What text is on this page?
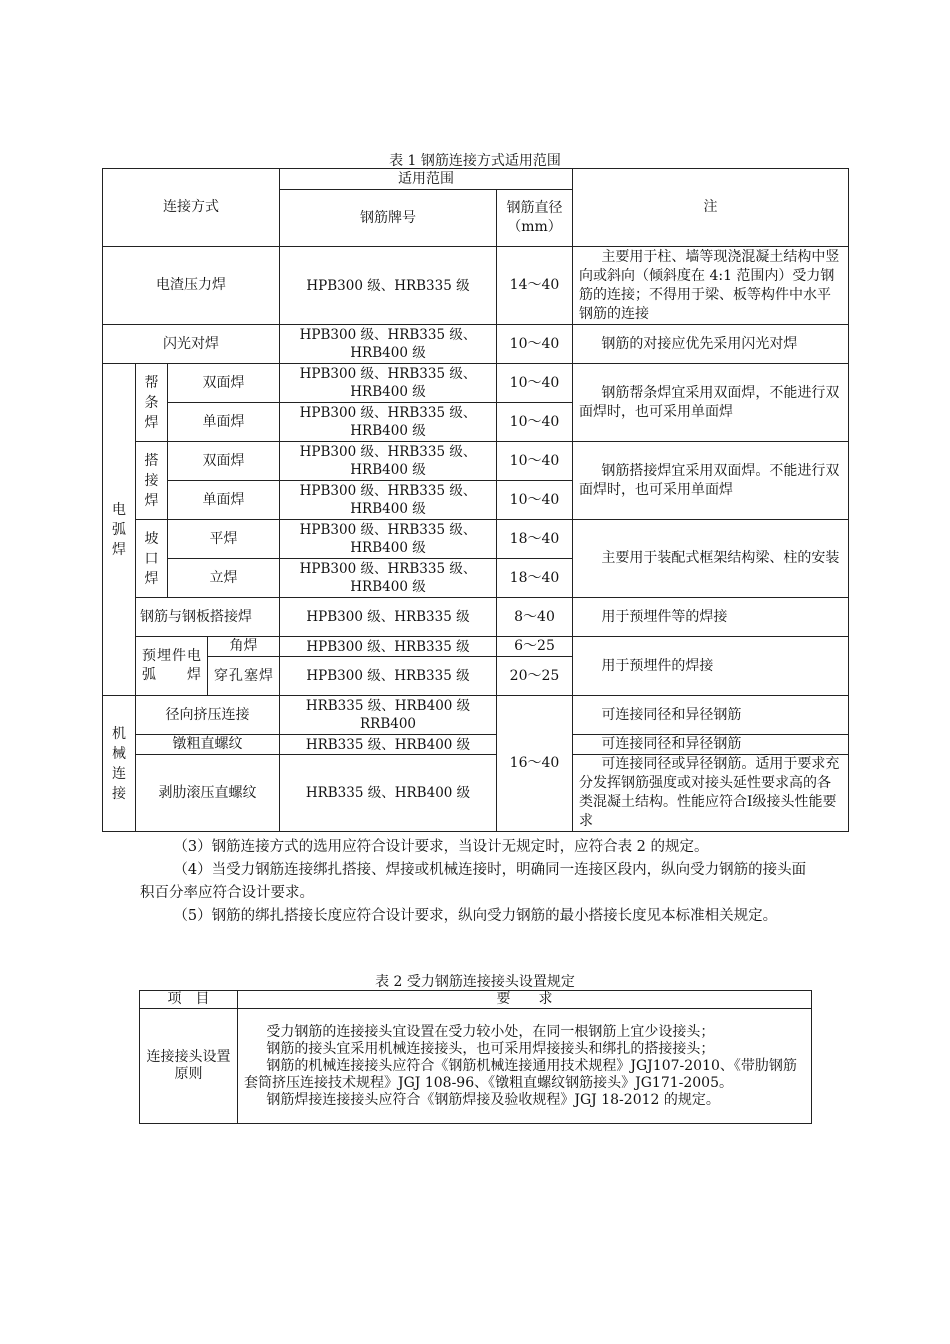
表 1 钢筋连接方式适用范围
连接方式				适用范围		注
				钢筋牌号	钢筋直径（mm）	
电渣压力焊				HPB300 级、HRB335 级	14～40	主要用于柱、墙等现浇混凝土结构中竖向或斜向（倾斜度在 4:1 范围内）受力钢筋的连接；不得用于梁、板等构件中水平钢筋的连接
闪光对焊				HPB300 级、HRB335 级、HRB400 级	10～40	钢筋的对接应优先采用闪光对焊
电弧焊	帮条焊	双面焊		HPB300 级、HRB335 级、HRB400 级	10～40	钢筋帮条焊宜采用双面焊，不能进行双面焊时，也可采用单面焊
		单面焊		HPB300 级、HRB335 级、HRB400 级	10～40	
	搭接焊	双面焊		HPB300 级、HRB335 级、HRB400 级	10～40	钢筋搭接焊宜采用双面焊。不能进行双面焊时，也可采用单面焊
		单面焊		HPB300 级、HRB335 级、HRB400 级	10～40	
	坡口焊	平焊		HPB300 级、HRB335 级、HRB400 级	18～40	主要用于装配式框架结构梁、柱的安装
		立焊		HPB300 级、HRB335 级、HRB400 级	18～40	
	钢筋与钢板搭接焊			HPB300 级、HRB335 级	8～40	用于预埋件等的焊接
	预埋件电弧焊		角焊	HPB300 级、HRB335 级	6～25	用于预埋件的焊接
			穿孔塞焊	HPB300 级、HRB335 级	20～25	
机械连接	径向挤压连接			HRB335 级、HRB400 级 RRB400	16～40	可连接同径和异径钢筋
	镦粗直螺纹			HRB335 级、HRB400 级		可连接同径和异径钢筋
	剥肋滚压直螺纹			HRB335 级、HRB400 级		可连接同径或异径钢筋。适用于要求充分发挥钢筋强度或对接头延性要求高的各类混凝土结构。性能应符合Ⅰ级接头性能要求
（3）钢筋连接方式的选用应符合设计要求，当设计无规定时，应符合表 2 的规定。
（4）当受力钢筋连接绑扎搭接、焊接或机械连接时，明确同一连接区段内，纵向受力钢筋的接头面积百分率应符合设计要求。
（5）钢筋的绑扎搭接长度应符合设计要求，纵向受力钢筋的最小搭接长度见本标准相关规定。
表 2 受力钢筋连接接头设置规定
项　目	要　　求
连接接头设置原则	受力钢筋的连接接头宜设置在受力较小处，在同一根钢筋上宜少设接头；
钢筋的接头宜采用机械连接接头，也可采用焊接接头和绑扎的搭接接头；
钢筋的机械连接接头应符合《钢筋机械连接通用技术规程》JGJ107-2010、《带肋钢筋套筒挤压连接技术规程》JGJ 108-96、《镦粗直螺纹钢筋接头》JG171-2005。
钢筋焊接连接接头应符合《钢筋焊接及验收规程》JGJ 18-2012 的规定。
